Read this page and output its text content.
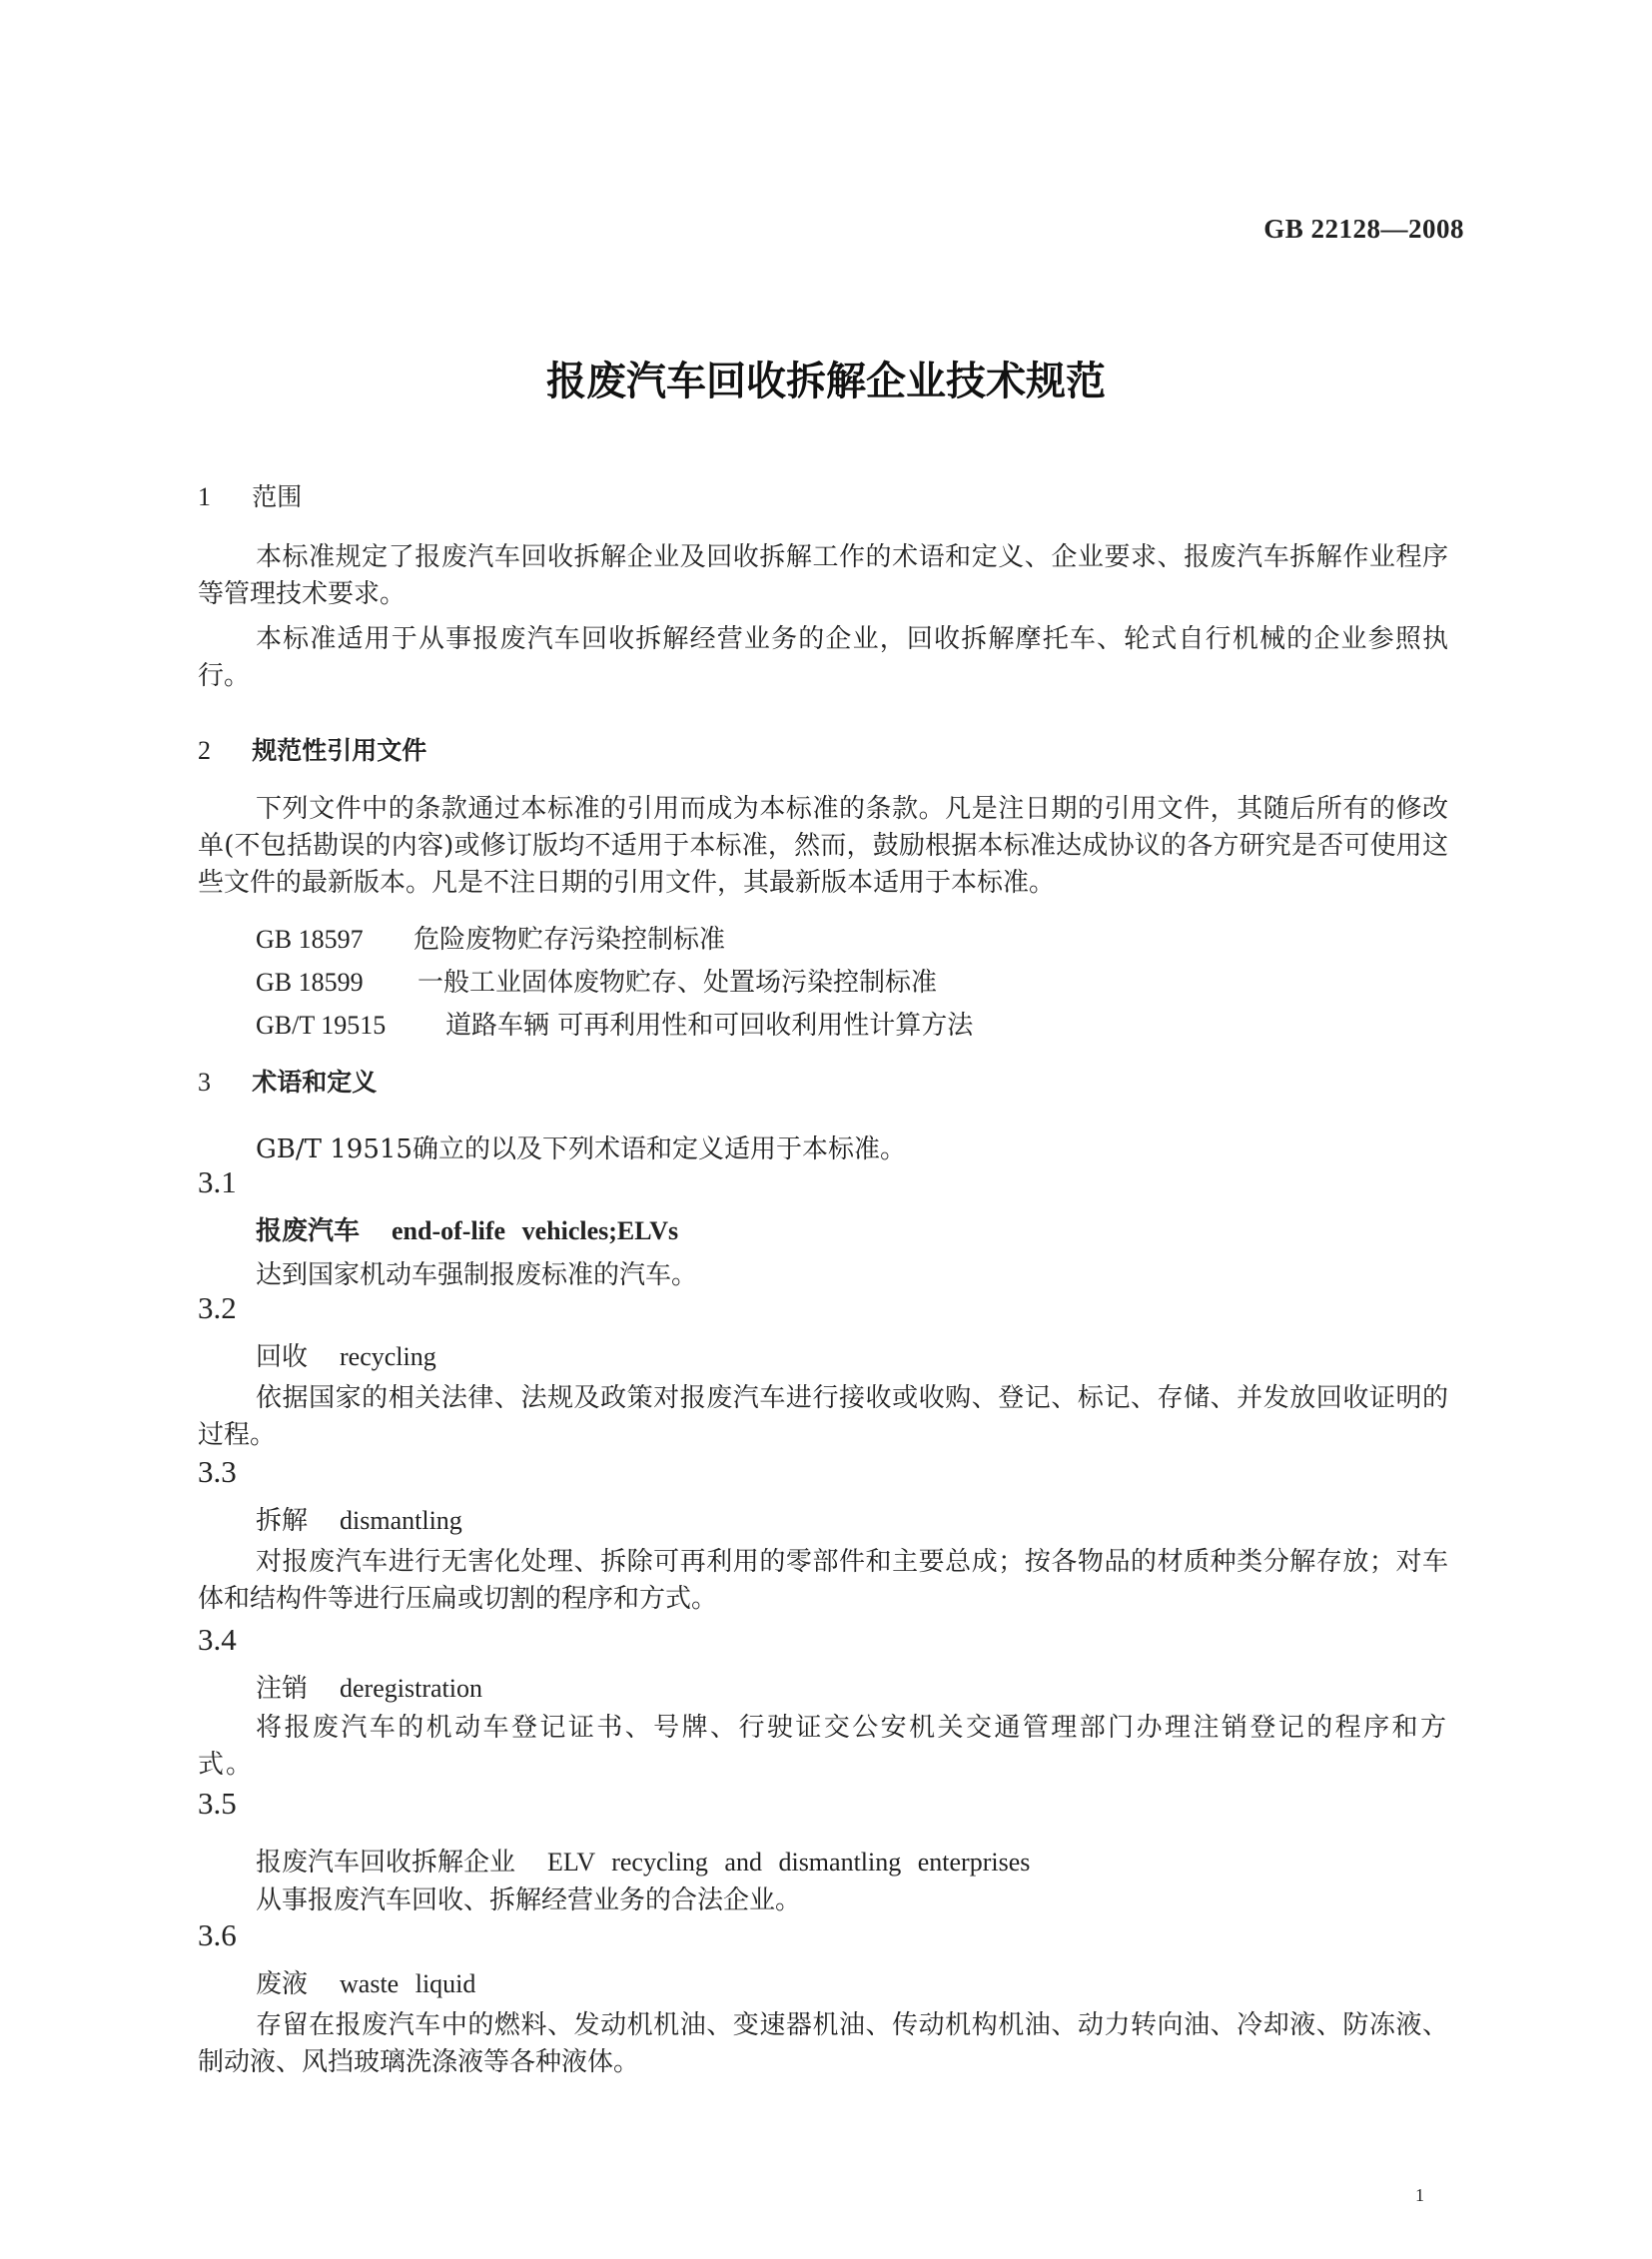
GB 22128—2008
报废汽车回收拆解企业技术规范
1 范围

本标准规定了报废汽车回收拆解企业及回收拆解工作的术语和定义、企业要求、报废汽车拆解作业程序等管理技术要求。

本标准适用于从事报废汽车回收拆解经营业务的企业，回收拆解摩托车、轮式自行机械的企业参照执行。

2 规范性引用文件

下列文件中的条款通过本标准的引用而成为本标准的条款。凡是注日期的引用文件，其随后所有的修改单(不包括勘误的内容)或修订版均不适用于本标准，然而，鼓励根据本标准达成协议的各方研究是否可使用这些文件的最新版本。凡是不注日期的引用文件，其最新版本适用于本标准。

GB 18597 危险废物贮存污染控制标准
GB 18599 一般工业固体废物贮存、处置场污染控制标准
GB/T 19515 道路车辆 可再利用性和可回收利用性计算方法
3 术语和定义
GB/T 19515确立的以及下列术语和定义适用于本标准。
3.1
报废汽车 end-of-life vehicles;ELVs
达到国家机动车强制报废标准的汽车。
3.2
回收 recycling

依据国家的相关法律、法规及政策对报废汽车进行接收或收购、登记、标记、存储、并发放回收证明的过程。

3.3
拆解 dismantling

对报废汽车进行无害化处理、拆除可再利用的零部件和主要总成；按各物品的材质种类分解存放；对车体和结构件等进行压扁或切割的程序和方式。

3.4
注销 deregistration

将报废汽车的机动车登记证书、号牌、行驶证交公安机关交通管理部门办理注销登记的程序和方式。

3.5
报废汽车回收拆解企业 ELV recycling and dismantling enterprises
从事报废汽车回收、拆解经营业务的合法企业。
3.6
废液 waste liquid

存留在报废汽车中的燃料、发动机机油、变速器机油、传动机构机油、动力转向油、冷却液、防冻液、制动液、风挡玻璃洗涤液等各种液体。

1
